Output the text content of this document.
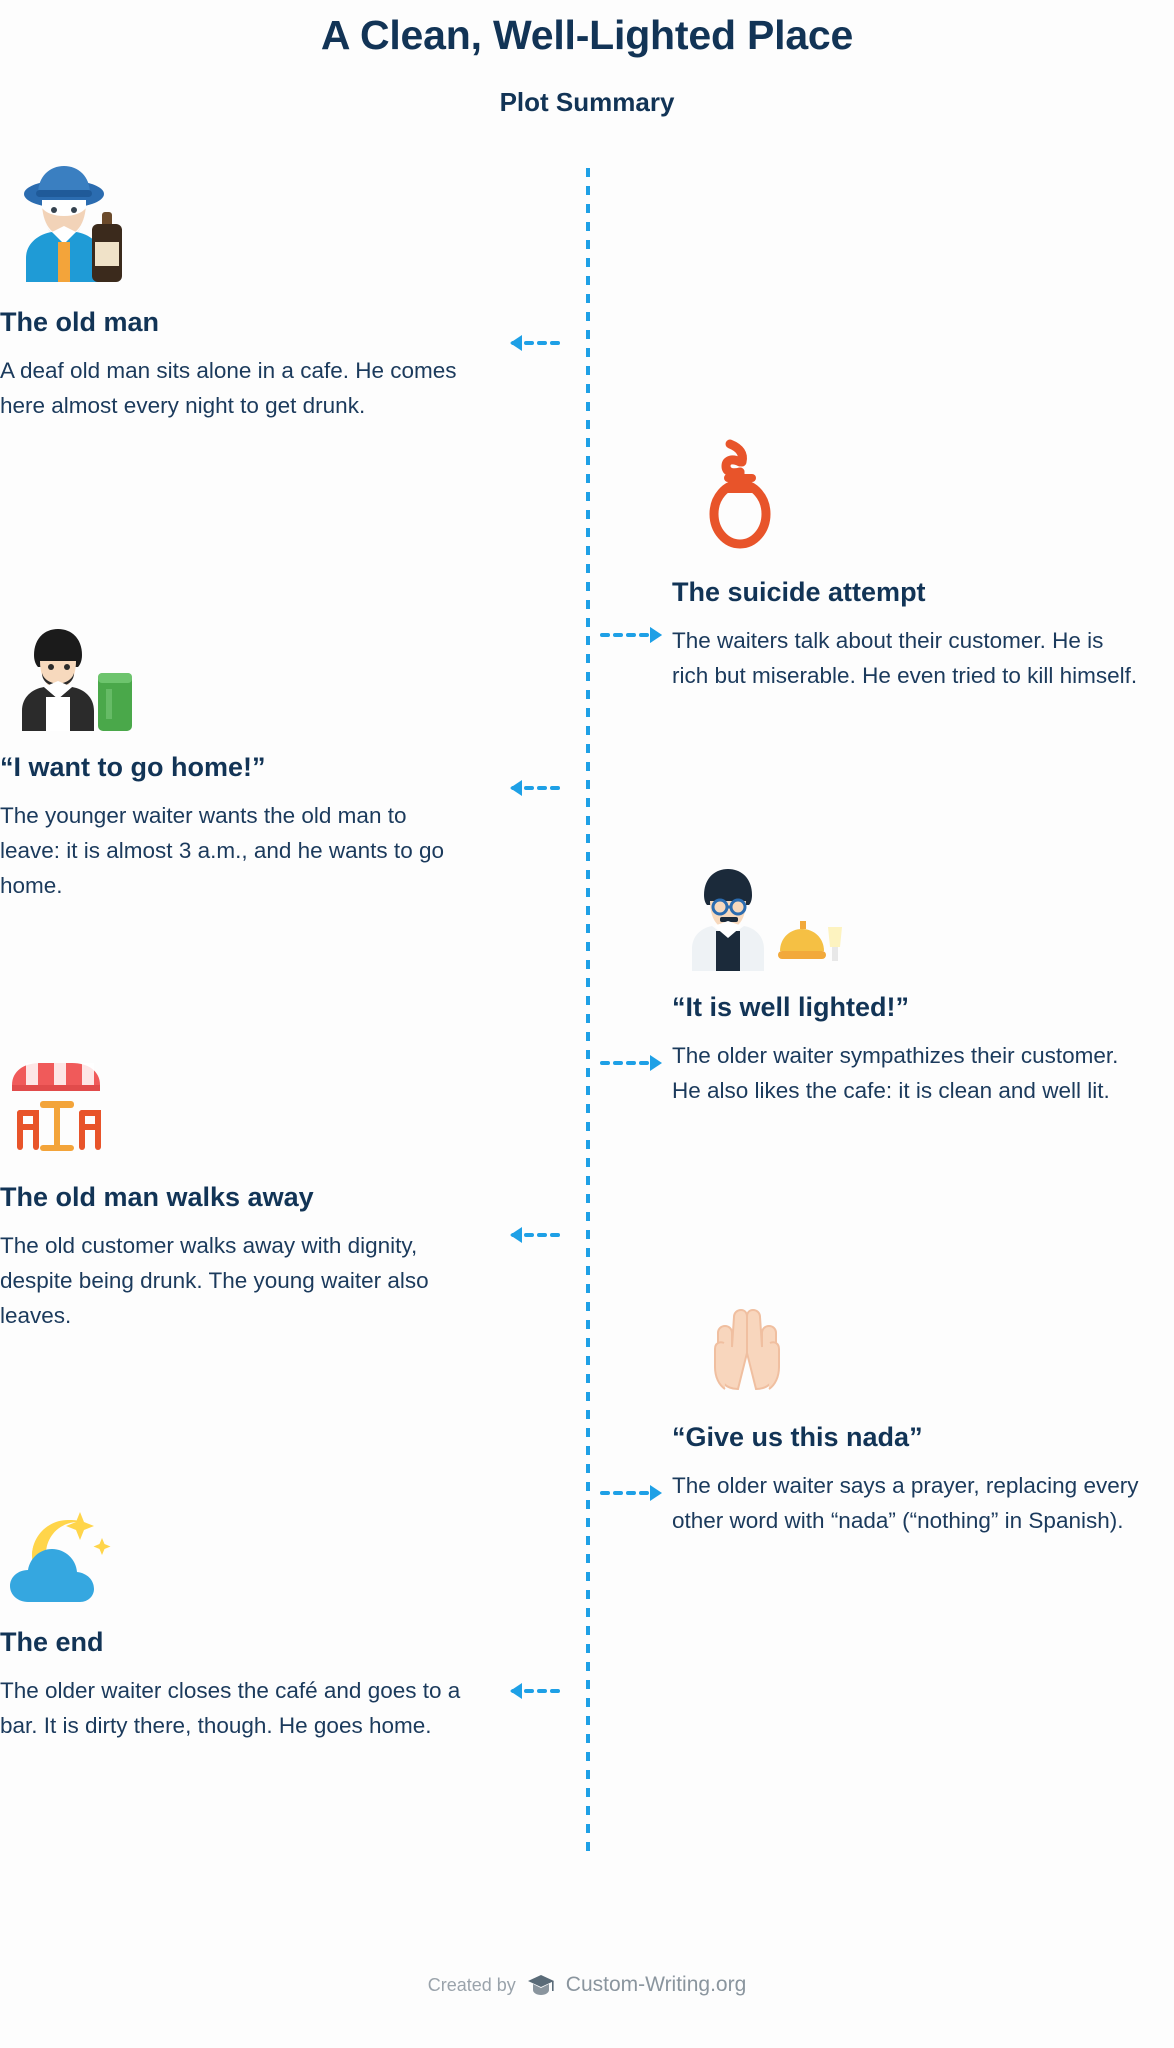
A Clean, Well-Lighted Place
Plot Summary
The old man
A deaf old man sits alone in a cafe. He comes here almost every night to get drunk.
The suicide attempt
The waiters talk about their customer. He is rich but miserable. He even tried to kill himself.
“I want to go home!”
The younger waiter wants the old man to leave: it is almost 3 a.m., and he wants to go home.
“It is well lighted!”
The older waiter sympathizes their customer. He also likes the cafe: it is clean and well lit.
The old man walks away
The old customer walks away with dignity, despite being drunk. The young waiter also leaves.
“Give us this nada”
The older waiter says a prayer, replacing every other word with “nada” (“nothing” in Spanish).
The end
The older waiter closes the café and goes to a bar. It is dirty there, though. He goes home.
Created by Custom-Writing.org
